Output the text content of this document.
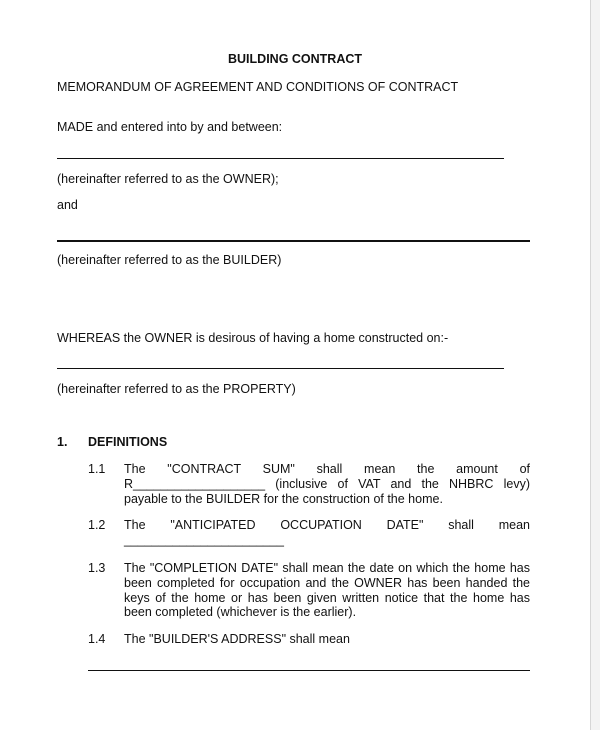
BUILDING CONTRACT
MEMORANDUM OF AGREEMENT AND CONDITIONS OF CONTRACT
MADE and entered into by and between:
(hereinafter referred to as the OWNER);
and
(hereinafter referred to as the BUILDER)
WHEREAS the OWNER is desirous of having a home constructed on:-
(hereinafter referred to as the PROPERTY)
1. DEFINITIONS
1.1 The "CONTRACT SUM" shall mean the amount of
R___________________ (inclusive of VAT and the NHBRC levy)
payable to the BUILDER for the construction of the home.
1.2 The "ANTICIPATED OCCUPATION DATE" shall mean
_______________________
1.3 The "COMPLETION DATE" shall mean the date on which the home has
been completed for occupation and the OWNER has been handed the
keys of the home or has been given written notice that the home has
been completed (whichever is the earlier).
1.4 The "BUILDER'S ADDRESS" shall mean
